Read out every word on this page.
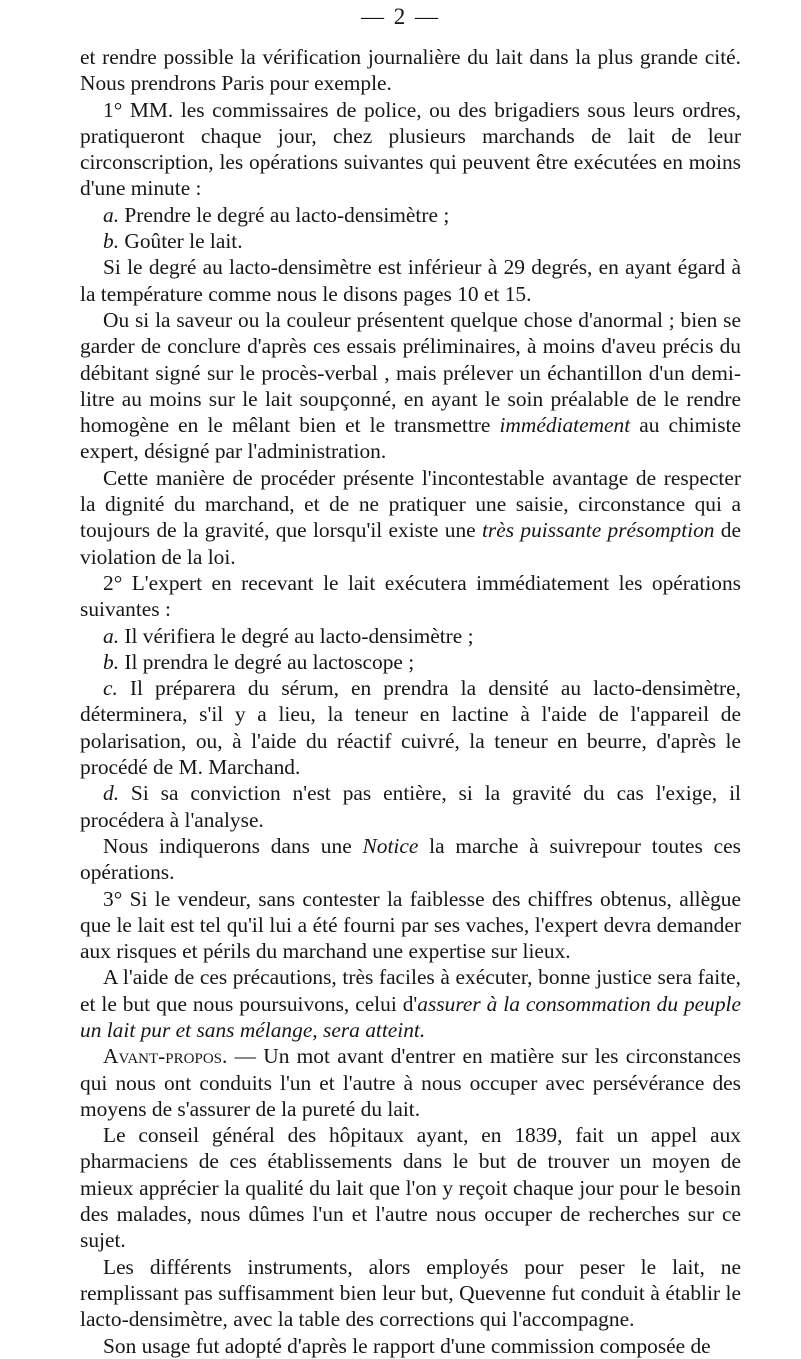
— 2 —

et rendre possible la vérification journalière du lait dans la plus grande cité. Nous prendrons Paris pour exemple.

1° MM. les commissaires de police, ou des brigadiers sous leurs ordres, pratiqueront chaque jour, chez plusieurs marchands de lait de leur circonscription, les opérations suivantes qui peuvent être exécutées en moins d'une minute :

a. Prendre le degré au lacto-densimètre ;

b. Goûter le lait.

Si le degré au lacto-densimètre est inférieur à 29 degrés, en ayant égard à la température comme nous le disons pages 10 et 15.

Ou si la saveur ou la couleur présentent quelque chose d'anormal ; bien se garder de conclure d'après ces essais préliminaires, à moins d'aveu précis du débitant signé sur le procès-verbal , mais prélever un échantillon d'un demi-litre au moins sur le lait soupçonné, en ayant le soin préalable de le rendre homogène en le mêlant bien et le transmettre immédiatement au chimiste expert, désigné par l'administration.

Cette manière de procéder présente l'incontestable avantage de respecter la dignité du marchand, et de ne pratiquer une saisie, circonstance qui a toujours de la gravité, que lorsqu'il existe une très puissante présomption de violation de la loi.

2° L'expert en recevant le lait exécutera immédiatement les opérations suivantes :

a. Il vérifiera le degré au lacto-densimètre ;

b. Il prendra le degré au lactoscope ;

c. Il préparera du sérum, en prendra la densité au lacto-densimètre, déterminera, s'il y a lieu, la teneur en lactine à l'aide de l'appareil de polarisation, ou, à l'aide du réactif cuivré, la teneur en beurre, d'après le procédé de M. Marchand.

d. Si sa conviction n'est pas entière, si la gravité du cas l'exige, il procédera à l'analyse.

Nous indiquerons dans une Notice la marche à suivrepour toutes ces opérations.

3° Si le vendeur, sans contester la faiblesse des chiffres obtenus, allègue que le lait est tel qu'il lui a été fourni par ses vaches, l'expert devra demander aux risques et périls du marchand une expertise sur lieux.

A l'aide de ces précautions, très faciles à exécuter, bonne justice sera faite, et le but que nous poursuivons, celui d'assurer à la consommation du peuple un lait pur et sans mélange, sera atteint.

Avant-propos. — Un mot avant d'entrer en matière sur les circonstances qui nous ont conduits l'un et l'autre à nous occuper avec persévérance des moyens de s'assurer de la pureté du lait.

Le conseil général des hôpitaux ayant, en 1839, fait un appel aux pharmaciens de ces établissements dans le but de trouver un moyen de mieux apprécier la qualité du lait que l'on y reçoit chaque jour pour le besoin des malades, nous dûmes l'un et l'autre nous occuper de recherches sur ce sujet.

Les différents instruments, alors employés pour peser le lait, ne remplissant pas suffisamment bien leur but, Quevenne fut conduit à établir le lacto-densimètre, avec la table des corrections qui l'accompagne.

Son usage fut adopté d'après le rapport d'une commission composée de
